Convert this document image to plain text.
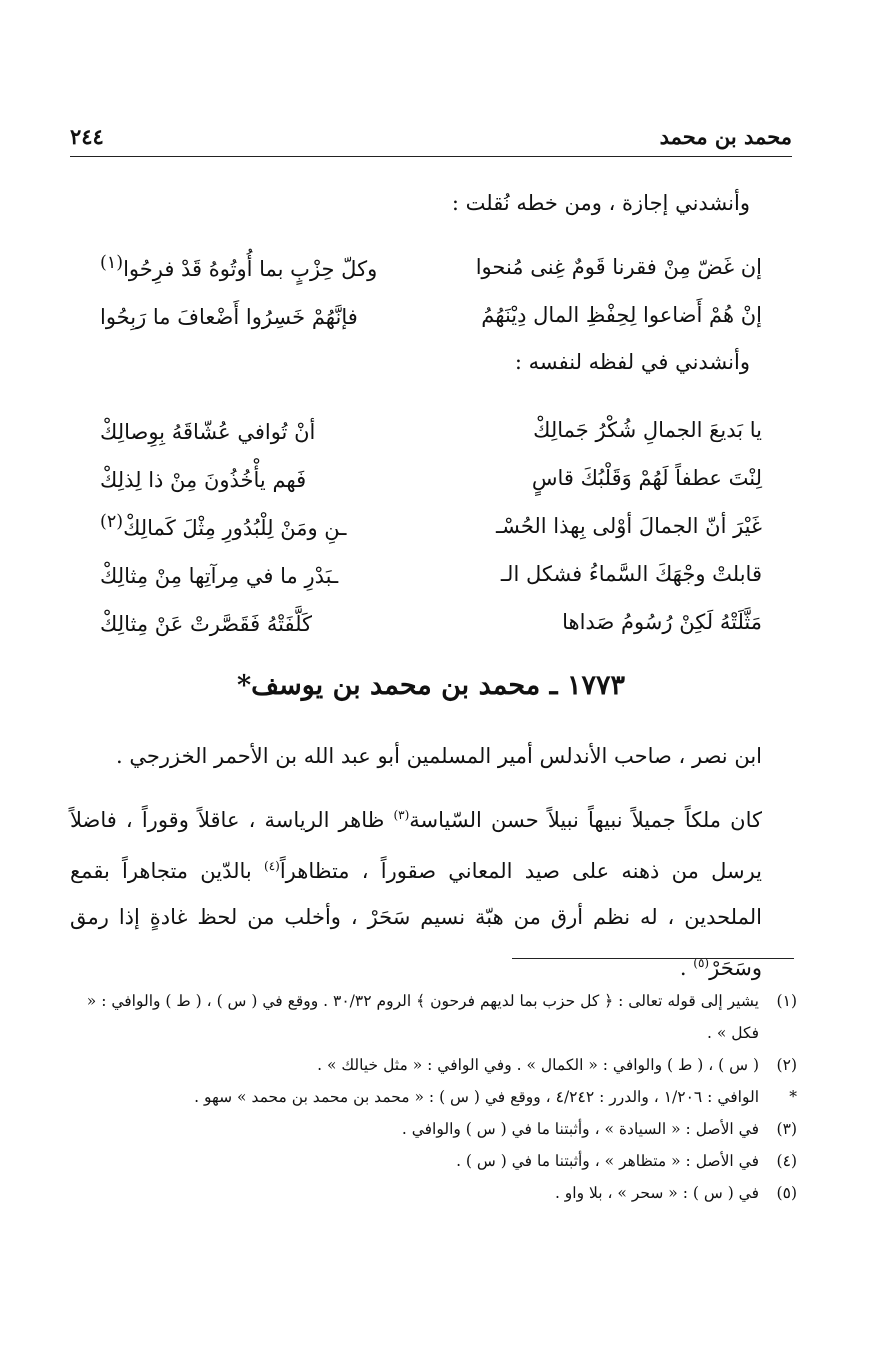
محمد بن محمد
٢٤٤
وأنشدني إجازة ، ومن خطه نُقلت :
إن غَضّ مِنْ فقرنا قَومٌ غِنى مُنحوا
وكلّ حِزْبٍ بما أُوتُوهُ قَدْ فرِحُوا$^{(١)}$
إنْ هُمْ أَضاعوا لِحِفْظِ المال دِيْنَهُمُ
فإنَّهُمْ خَسِرُوا أَضْعافَ ما رَبِحُوا
وأنشدني في لفظه لنفسه :
يا بَديعَ الجمالِ شُكْرُ جَمالِكْ
أنْ تُوافي عُشّاقَهُ بِوِصالِكْ
لِنْتَ عطفاً لَهُمْ وَقَلْبُكَ قاسٍ
فَهم يأْخُذُونَ مِنْ ذا لِذلِكْ
غَيْرَ أنّ الجمالَ أوْلى بِهذا الحُسْـ
ـنِ ومَنْ لِلْبُدُورِ مِثْلَ كَمالِكْ$^{(٢)}$
قابلتْ وجْهَكَ السَّماءُ فشكل الـ
ـبَدْرِ ما في مِرآتِها مِنْ مِثالِكْ
مَثَّلَتْهُ لَكِنْ رُسُومُ صَداها
كَلَّفَتْهُ فَقَصَّرتْ عَنْ مِثالِكْ
١٧٧٣ ـ محمد بن محمد بن يوسف*

ابن نصر ، صاحب الأندلس أمير المسلمين أبو عبد الله بن الأحمر الخزرجي .

كان ملكاً جميلاً نبيهاً نبيلاً حسن السّياسة$^{(٣)}$ ظاهر الرياسة ، عاقلاً وقوراً ، فاضلاً يرسل من ذهنه على صيد المعاني صقوراً ، متظاهراً$^{(٤)}$ بالدّين متجاهراً بقمع الملحدين ، له نظم أرق من هبّة نسيم سَحَرْ ، وأخلب من لحظ غادةٍ إذا رمق وسَحَرْ$^{(٥)}$ .

(١)
يشير إلى قوله تعالى : ﴿ كل حزب بما لديهم فرحون ﴾ الروم ٣٠/٣٢ . ووقع في ( س ) ، ( ط ) والوافي : « فكل » .
(٢)
( س ) ، ( ط ) والوافي : « الكمال » . وفي الوافي : « مثل خيالك » .
*
الوافي : ١/٢٠٦ ، والدرر : ٤/٢٤٢ ، ووقع في ( س ) : « محمد بن محمد بن محمد » سهو .
(٣)
في الأصل : « السيادة » ، وأثبتنا ما في ( س ) والوافي .
(٤)
في الأصل : « متظاهر » ، وأثبتنا ما في ( س ) .
(٥)
في ( س ) : « سحر » ، بلا واو .
